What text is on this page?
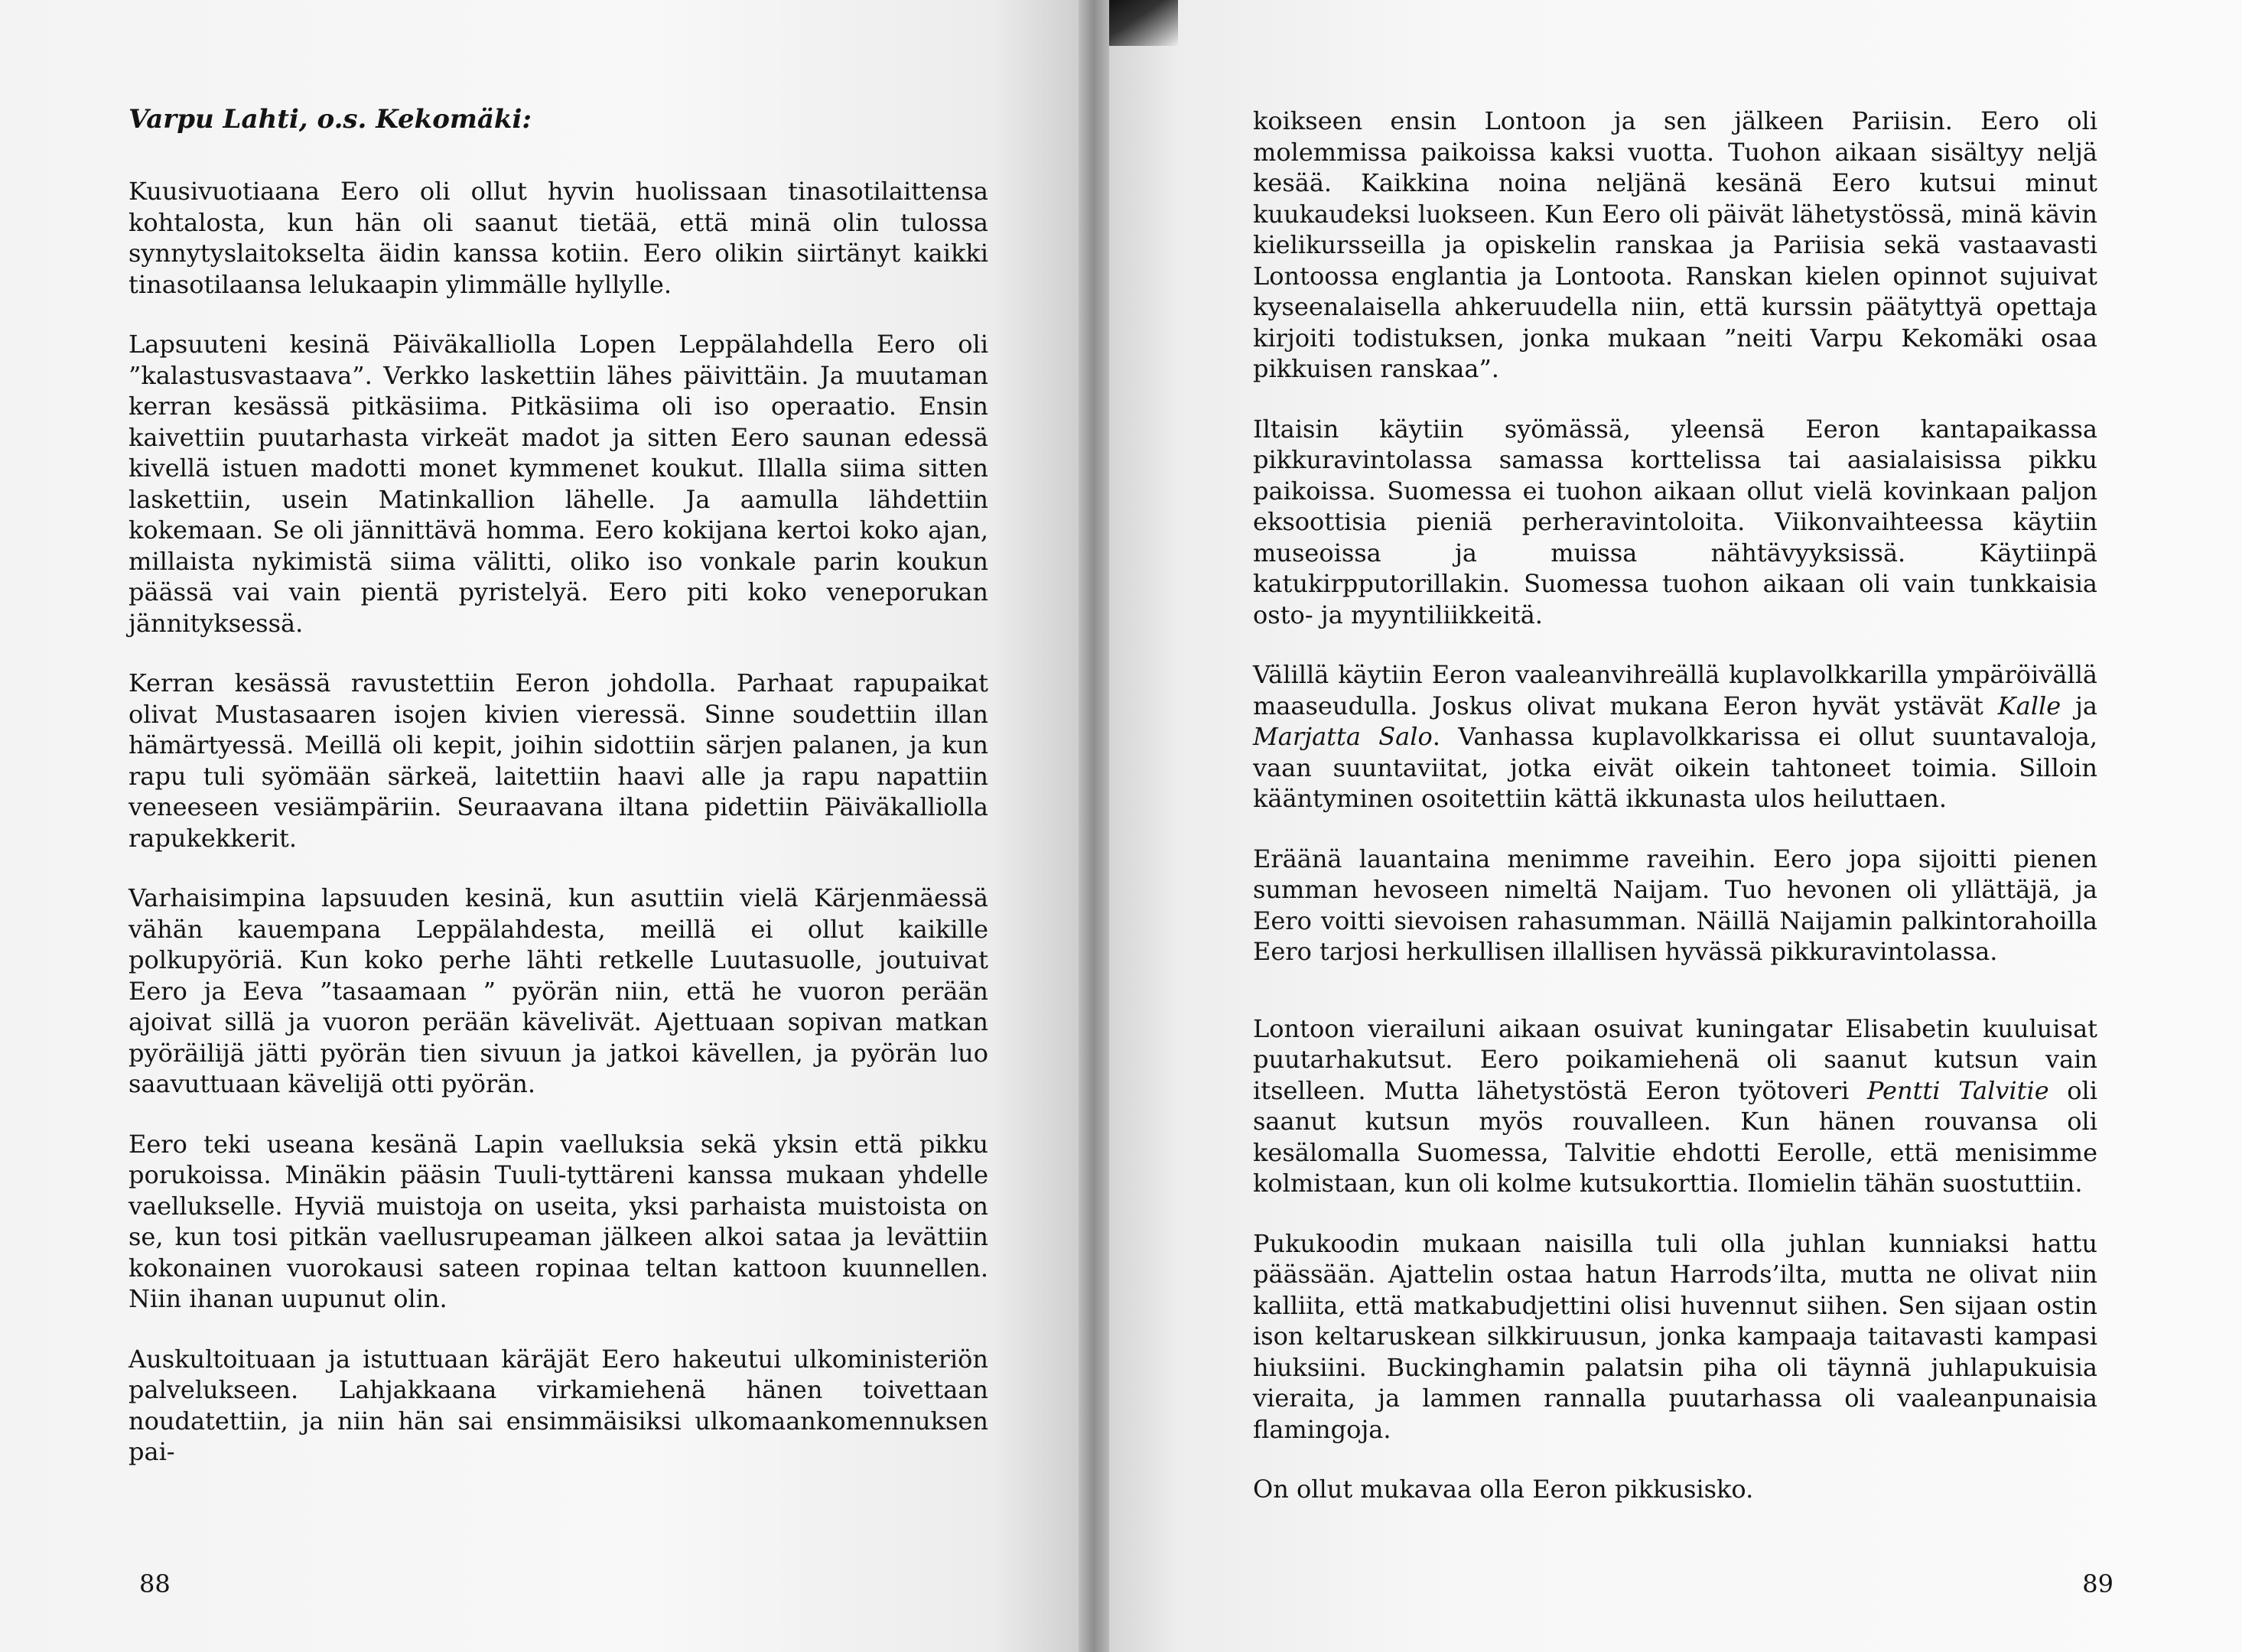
Varpu Lahti, o.s. Kekomäki:

Kuusivuotiaana Eero oli ollut hyvin huolissaan tinasotilaittensa kohtalosta, kun hän oli saanut tietää, että minä olin tulossa synnytyslaitokselta äidin kanssa kotiin. Eero olikin siirtänyt kaikki tinasotilaansa lelukaapin ylimmälle hyllylle.

Lapsuuteni kesinä Päiväkalliolla Lopen Leppälahdella Eero oli ”kalastusvastaava”. Verkko laskettiin lähes päivittäin. Ja muutaman kerran kesässä pitkäsiima. Pitkäsiima oli iso operaatio. Ensin kaivettiin puutarhasta virkeät madot ja sitten Eero saunan edessä kivellä istuen madotti monet kymmenet koukut. Illalla siima sitten laskettiin, usein Matinkallion lähelle. Ja aamulla lähdettiin kokemaan. Se oli jännittävä homma. Eero kokijana kertoi koko ajan, millaista nykimistä siima välitti, oliko iso vonkale parin koukun päässä vai vain pientä pyristelyä. Eero piti koko veneporukan jännityksessä.

Kerran kesässä ravustettiin Eeron johdolla. Parhaat rapupaikat olivat Mustasaaren isojen kivien vieressä. Sinne soudettiin illan hämärtyessä. Meillä oli kepit, joihin sidottiin särjen palanen, ja kun rapu tuli syömään särkeä, laitettiin haavi alle ja rapu napattiin veneeseen vesiämpäriin. Seuraavana iltana pidettiin Päiväkalliolla rapukekkerit.

Varhaisimpina lapsuuden kesinä, kun asuttiin vielä Kärjenmäessä vähän kauempana Leppälahdesta, meillä ei ollut kaikille polkupyöriä. Kun koko perhe lähti retkelle Luutasuolle, joutuivat Eero ja Eeva ”tasaamaan ” pyörän niin, että he vuoron perään ajoivat sillä ja vuoron perään kävelivät. Ajettuaan sopivan matkan pyöräilijä jätti pyörän tien sivuun ja jatkoi kävellen, ja pyörän luo saavuttuaan kävelijä otti pyörän.

Eero teki useana kesänä Lapin vaelluksia sekä yksin että pikku porukoissa. Minäkin pääsin Tuuli-tyttäreni kanssa mukaan yhdelle vaellukselle. Hyviä muistoja on useita, yksi parhaista muistoista on se, kun tosi pitkän vaellusrupeaman jälkeen alkoi sataa ja levättiin kokonainen vuorokausi sateen ropinaa teltan kattoon kuunnellen. Niin ihanan uupunut olin.

Auskultoituaan ja istuttuaan käräjät Eero hakeutui ulkoministeriön palvelukseen. Lahjakkaana virkamiehenä hänen toivettaan noudatettiin, ja niin hän sai ensimmäisiksi ulkomaankomennuksen pai-

88

koikseen ensin Lontoon ja sen jälkeen Pariisin. Eero oli molemmissa paikoissa kaksi vuotta. Tuohon aikaan sisältyy neljä kesää. Kaikkina noina neljänä kesänä Eero kutsui minut kuukaudeksi luokseen. Kun Eero oli päivät lähetystössä, minä kävin kielikursseilla ja opiskelin ranskaa ja Pariisia sekä vastaavasti Lontoossa englantia ja Lontoota. Ranskan kielen opinnot sujuivat kyseenalaisella ahkeruudella niin, että kurssin päätyttyä opettaja kirjoiti todistuksen, jonka mukaan ”neiti Varpu Kekomäki osaa pikkuisen ranskaa”.

Iltaisin käytiin syömässä, yleensä Eeron kantapaikassa pikkuravintolassa samassa korttelissa tai aasialaisissa pikku paikoissa. Suomessa ei tuohon aikaan ollut vielä kovinkaan paljon eksoottisia pieniä perheravintoloita. Viikonvaihteessa käytiin museoissa ja muissa nähtävyyksissä. Käytiinpä katukirpputorillakin. Suomessa tuohon aikaan oli vain tunkkaisia osto- ja myyntiliikkeitä.

Välillä käytiin Eeron vaaleanvihreällä kuplavolkkarilla ympäröivällä maaseudulla. Joskus olivat mukana Eeron hyvät ystävät Kalle ja Marjatta Salo. Vanhassa kuplavolkkarissa ei ollut suuntavaloja, vaan suuntaviitat, jotka eivät oikein tahtoneet toimia. Silloin kääntyminen osoitettiin kättä ikkunasta ulos heiluttaen.

Eräänä lauantaina menimme raveihin. Eero jopa sijoitti pienen summan hevoseen nimeltä Naijam. Tuo hevonen oli yllättäjä, ja Eero voitti sievoisen rahasumman. Näillä Naijamin palkintorahoilla Eero tarjosi herkullisen illallisen hyvässä pikkuravintolassa.

Lontoon vierailuni aikaan osuivat kuningatar Elisabetin kuuluisat puutarhakutsut. Eero poikamiehenä oli saanut kutsun vain itselleen. Mutta lähetystöstä Eeron työtoveri Pentti Talvitie oli saanut kutsun myös rouvalleen. Kun hänen rouvansa oli kesälomalla Suomessa, Talvitie ehdotti Eerolle, että menisimme kolmistaan, kun oli kolme kutsukorttia. Ilomielin tähän suostuttiin.

Pukukoodin mukaan naisilla tuli olla juhlan kunniaksi hattu päässään. Ajattelin ostaa hatun Harrods’ilta, mutta ne olivat niin kalliita, että matkabudjettini olisi huvennut siihen. Sen sijaan ostin ison keltaruskean silkkiruusun, jonka kampaaja taitavasti kampasi hiuksiini. Buckinghamin palatsin piha oli täynnä juhlapukuisia vieraita, ja lammen rannalla puutarhassa oli vaaleanpunaisia flamingoja.

On ollut mukavaa olla Eeron pikkusisko.

89
